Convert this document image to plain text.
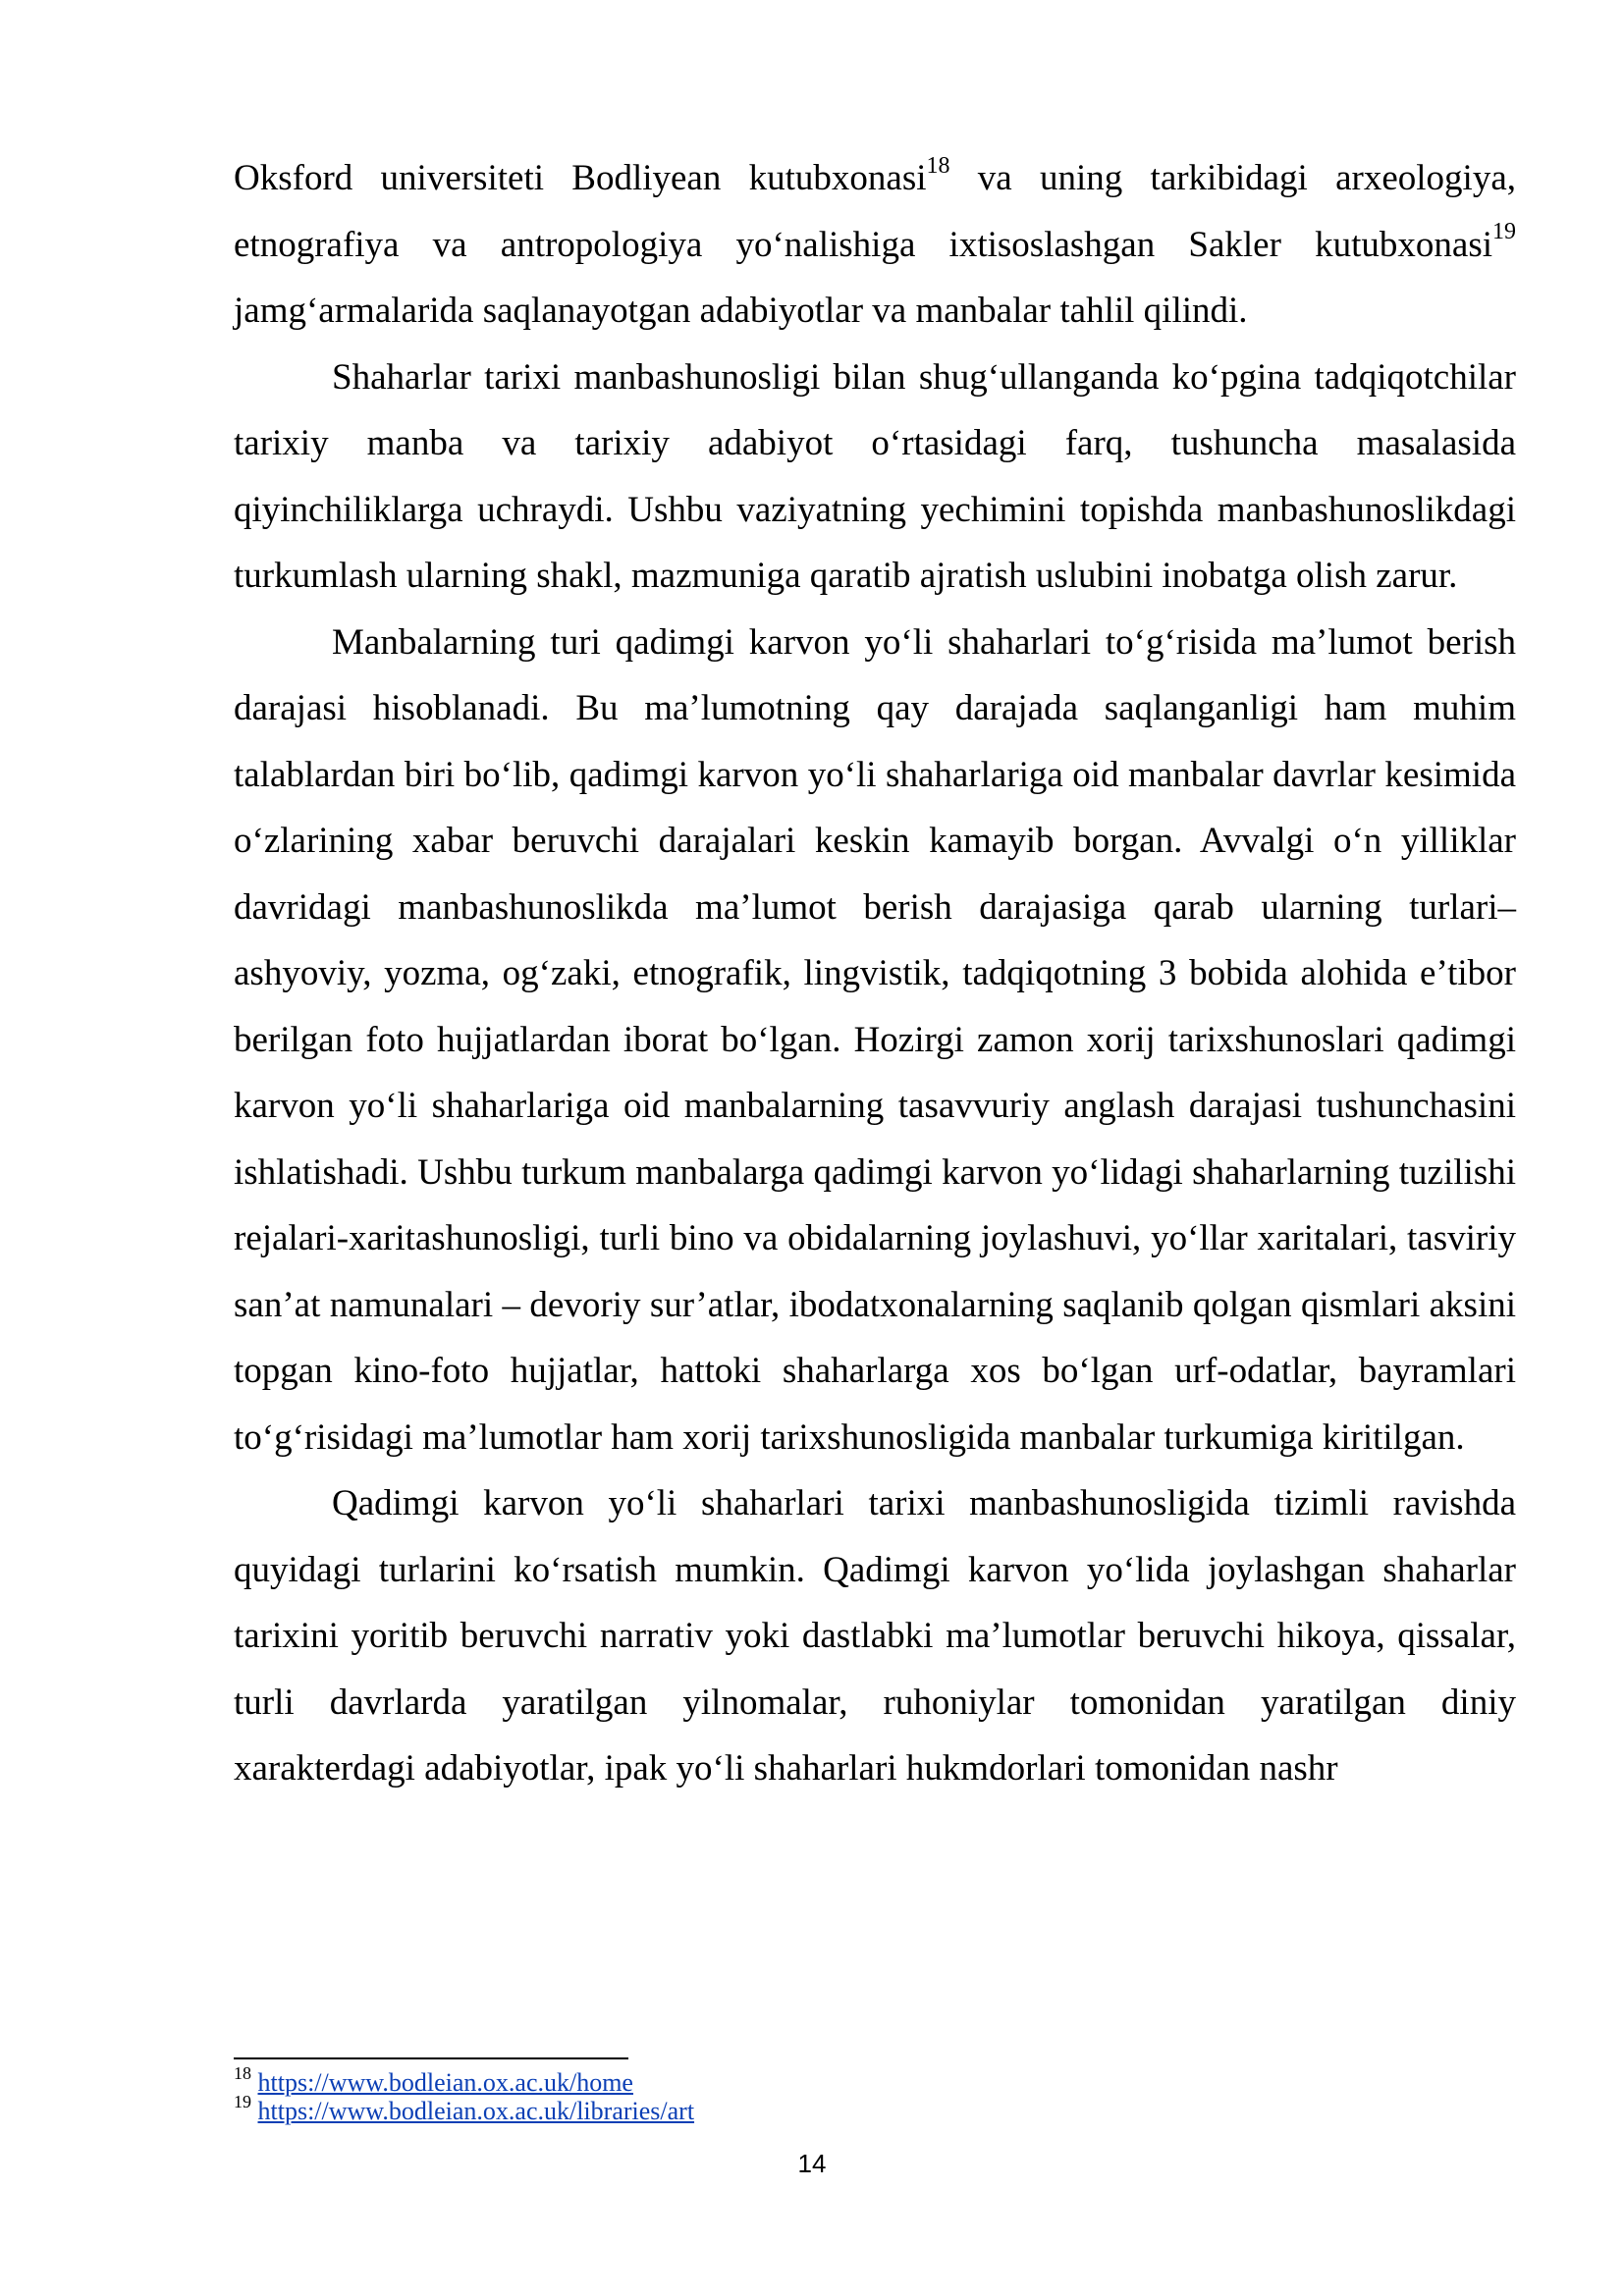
Oksford universiteti Bodliyean kutubxonasi$^{18}$ va uning tarkibidagi arxeologiya, etnografiya va antropologiya yo‘nalishiga ixtisoslashgan Sakler kutubxonasi$^{19}$ jamg‘armalarida saqlanayotgan adabiyotlar va manbalar tahlil qilindi.

Shaharlar tarixi manbashunosligi bilan shug‘ullanganda ko‘pgina tadqiqotchilar tarixiy manba va tarixiy adabiyot o‘rtasidagi farq, tushuncha masalasida qiyinchiliklarga uchraydi. Ushbu vaziyatning yechimini topishda manbashunoslikdagi turkumlash ularning shakl, mazmuniga qaratib ajratish uslubini inobatga olish zarur.

Manbalarning turi qadimgi karvon yo‘li shaharlari to‘g‘risida ma’lumot berish darajasi hisoblanadi. Bu ma’lumotning qay darajada saqlanganligi ham muhim talablardan biri bo‘lib, qadimgi karvon yo‘li shaharlariga oid manbalar davrlar kesimida o‘zlarining xabar beruvchi darajalari keskin kamayib borgan. Avvalgi o‘n yilliklar davridagi manbashunoslikda ma’lumot berish darajasiga qarab ularning turlari– ashyoviy, yozma, og‘zaki, etnografik, lingvistik, tadqiqotning 3 bobida alohida e’tibor berilgan foto hujjatlardan iborat bo‘lgan. Hozirgi zamon xorij tarixshunoslari qadimgi karvon yo‘li shaharlariga oid manbalarning tasavvuriy anglash darajasi tushunchasini ishlatishadi. Ushbu turkum manbalarga qadimgi karvon yo‘lidagi shaharlarning tuzilishi rejalari-xaritashunosligi, turli bino va obidalarning joylashuvi, yo‘llar xaritalari, tasviriy san’at namunalari – devoriy sur’atlar, ibodatxonalarning saqlanib qolgan qismlari aksini topgan kino-foto hujjatlar, hattoki shaharlarga xos bo‘lgan urf-odatlar, bayramlari to‘g‘risidagi ma’lumotlar ham xorij tarixshunosligida manbalar turkumiga kiritilgan.

Qadimgi karvon yo‘li shaharlari tarixi manbashunosligida tizimli ravishda quyidagi turlarini ko‘rsatish mumkin. Qadimgi karvon yo‘lida joylashgan shaharlar tarixini yoritib beruvchi narrativ yoki dastlabki ma’lumotlar beruvchi hikoya, qissalar, turli davrlarda yaratilgan yilnomalar, ruhoniylar tomonidan yaratilgan diniy xarakterdagi adabiyotlar, ipak yo‘li shaharlari hukmdorlari tomonidan nashr

$^{18}$ https://www.bodleian.ox.ac.uk/home
$^{19}$ https://www.bodleian.ox.ac.uk/libraries/art
14
